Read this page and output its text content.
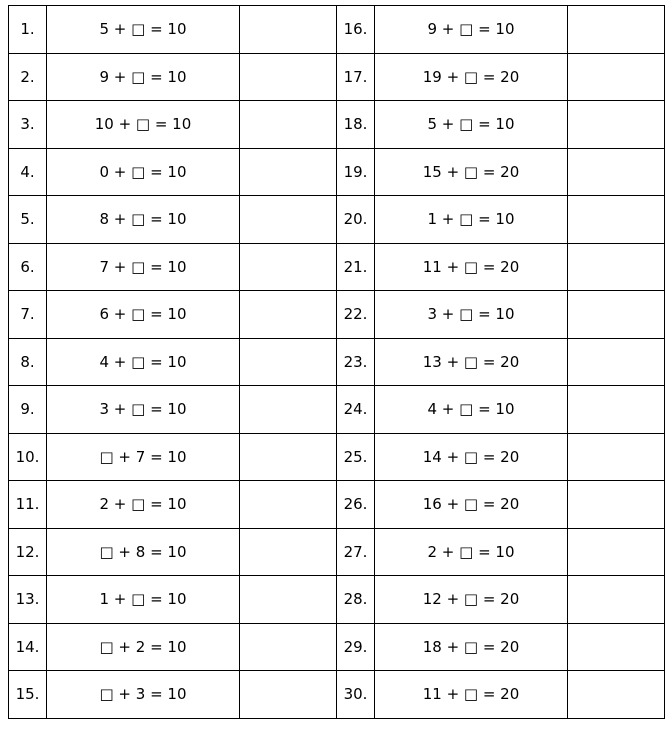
1.	5 + □ = 10		16.	9 + □ = 10	
2.	9 + □ = 10		17.	19 + □ = 20	
3.	10 + □ = 10		18.	5 + □ = 10	
4.	0 + □ = 10		19.	15 + □ = 20	
5.	8 + □ = 10		20.	1 + □ = 10	
6.	7 + □ = 10		21.	11 + □ = 20	
7.	6 + □ = 10		22.	3 + □ = 10	
8.	4 + □ = 10		23.	13 + □ = 20	
9.	3 + □ = 10		24.	4 + □ = 10	
10.	□ + 7 = 10		25.	14 + □ = 20	
11.	2 + □ = 10		26.	16 + □ = 20	
12.	□ + 8 = 10		27.	2 + □ = 10	
13.	1 + □ = 10		28.	12 + □ = 20	
14.	□ + 2 = 10		29.	18 + □ = 20	
15.	□ + 3 = 10		30.	11 + □ = 20	
